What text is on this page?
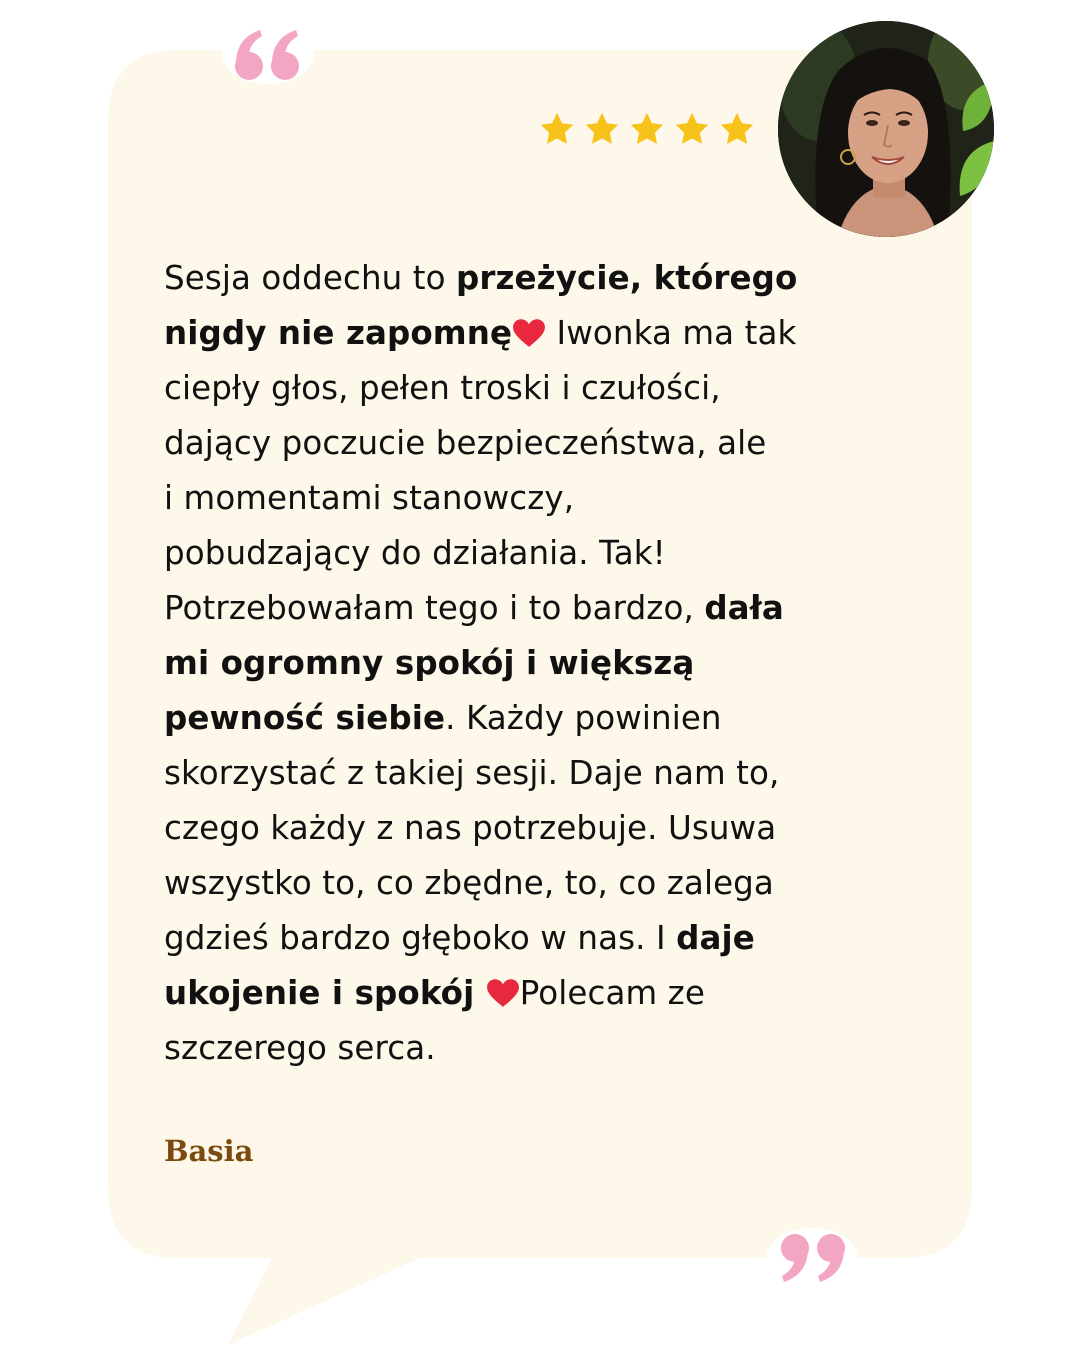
Sesja oddechu to przeżycie, którego
nigdy nie zapomnę Iwonka ma tak
ciepły głos, pełen troski i czułości,
dający poczucie bezpieczeństwa, ale
i momentami stanowczy,
pobudzający do działania. Tak!
Potrzebowałam tego i to bardzo, dała
mi ogromny spokój i większą
pewność siebie. Każdy powinien
skorzystać z takiej sesji. Daje nam to,
czego każdy z nas potrzebuje. Usuwa
wszystko to, co zbędne, to, co zalega
gdzieś bardzo głęboko w nas. I daje
ukojenie i spokój Polecam ze
szczerego serca.

Basia
